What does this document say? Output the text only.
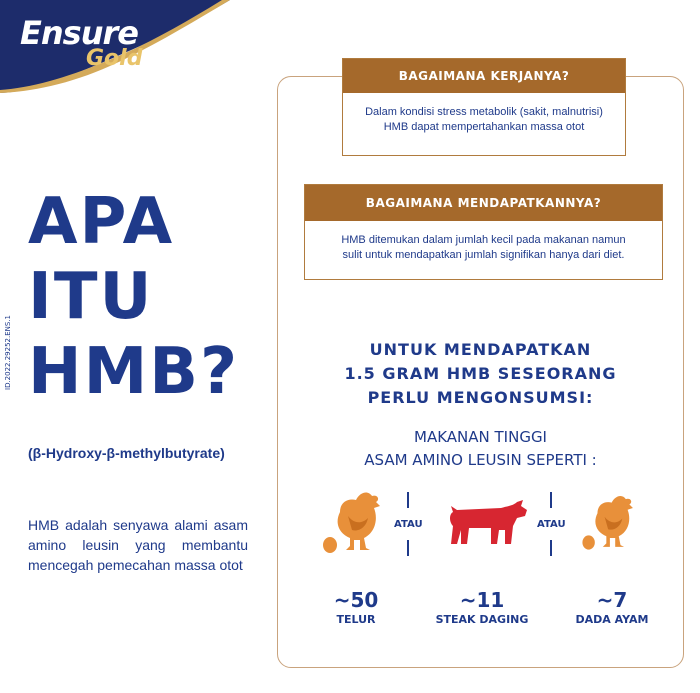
Ensure
Gold
ID.2022.29252.ENS.1
APA
ITU
HMB?
(β-Hydroxy-β-methylbutyrate)
HMB adalah senyawa alami asam amino leusin yang membantu mencegah pemecahan massa otot
BAGAIMANA KERJANYA?
Dalam kondisi stress metabolik (sakit, malnutrisi)
HMB dapat mempertahankan massa otot
BAGAIMANA MENDAPATKANNYA?
HMB ditemukan dalam jumlah kecil pada makanan namun
sulit untuk mendapatkan jumlah signifikan hanya dari diet.
UNTUK MENDAPATKAN
1.5 GRAM HMB SESEORANG
PERLU MENGONSUMSI:
MAKANAN TINGGI
ASAM AMINO LEUSIN SEPERTI :
ATAU	ATAU
~50
TELUR
~11
STEAK DAGING
~7
DADA AYAM
